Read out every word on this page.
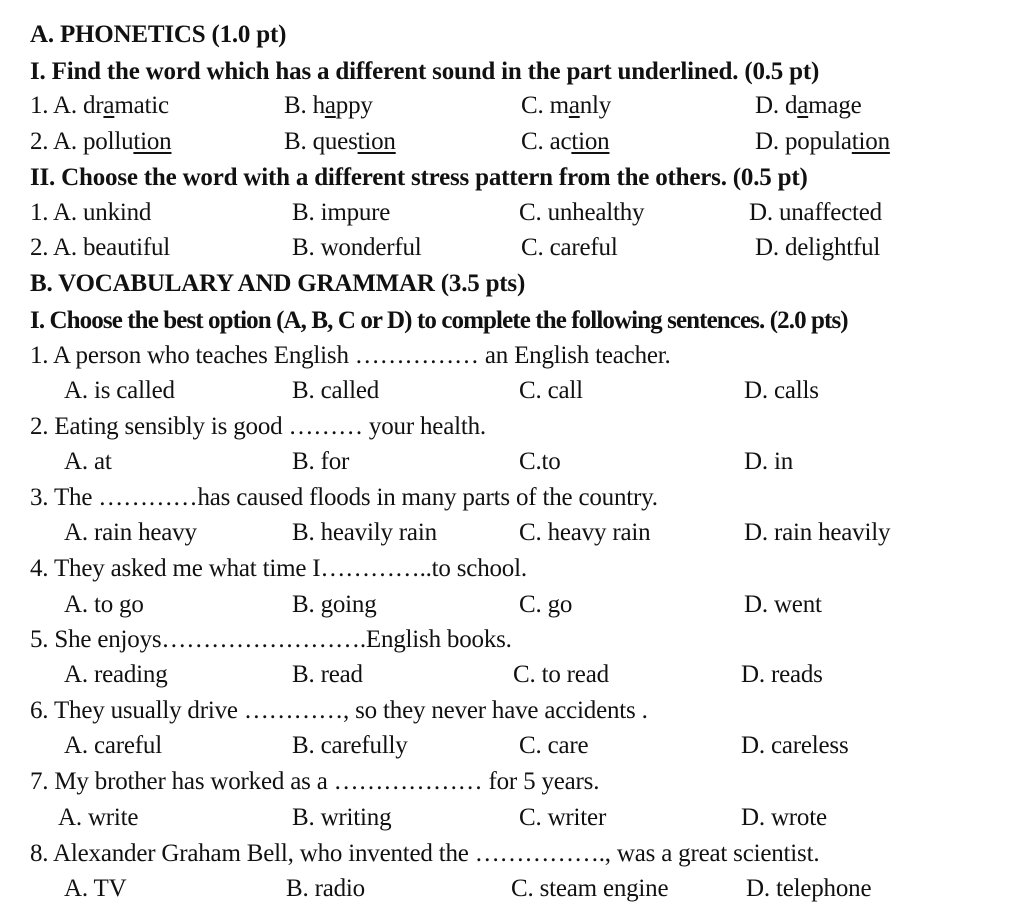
A. PHONETICS (1.0 pt)
I. Find the word which has a different sound in the part underlined. (0.5 pt)
1. A. dramatic	B. happy	C. manly	D. damage
2. A. pollution	B. question	C. action	D. population
II. Choose the word with a different stress pattern from the others. (0.5 pt)
1. A. unkind	B. impure	C. unhealthy	D. unaffected
2. A. beautiful	B. wonderful	C. careful	D. delightful
B. VOCABULARY AND GRAMMAR (3.5 pts)
I. Choose the best option (A, B, C or D) to complete the following sentences. (2.0 pts)
1. A person who teaches English …………… an English teacher.
A. is called	B. called	C. call	D. calls
2. Eating sensibly is good ……… your health.
A. at	B. for	C.to	D. in
3. The …………has caused floods in many parts of the country.
A. rain heavy	B. heavily rain	C. heavy rain	D. rain heavily
4. They asked me what time I…………..to school.
A. to go	B. going	C. go	D. went
5. She enjoys…………………….English books.
A. reading	B. read	C. to read	D. reads
6. They usually drive …………, so they never have accidents .
A. careful	B. carefully	C. care	D. careless
7. My brother has worked as a ……………… for 5 years.
A. write	B. writing	C. writer	D. wrote
8. Alexander Graham Bell, who invented the ……………., was a great scientist.
A. TV	B. radio	C. steam engine	D. telephone
